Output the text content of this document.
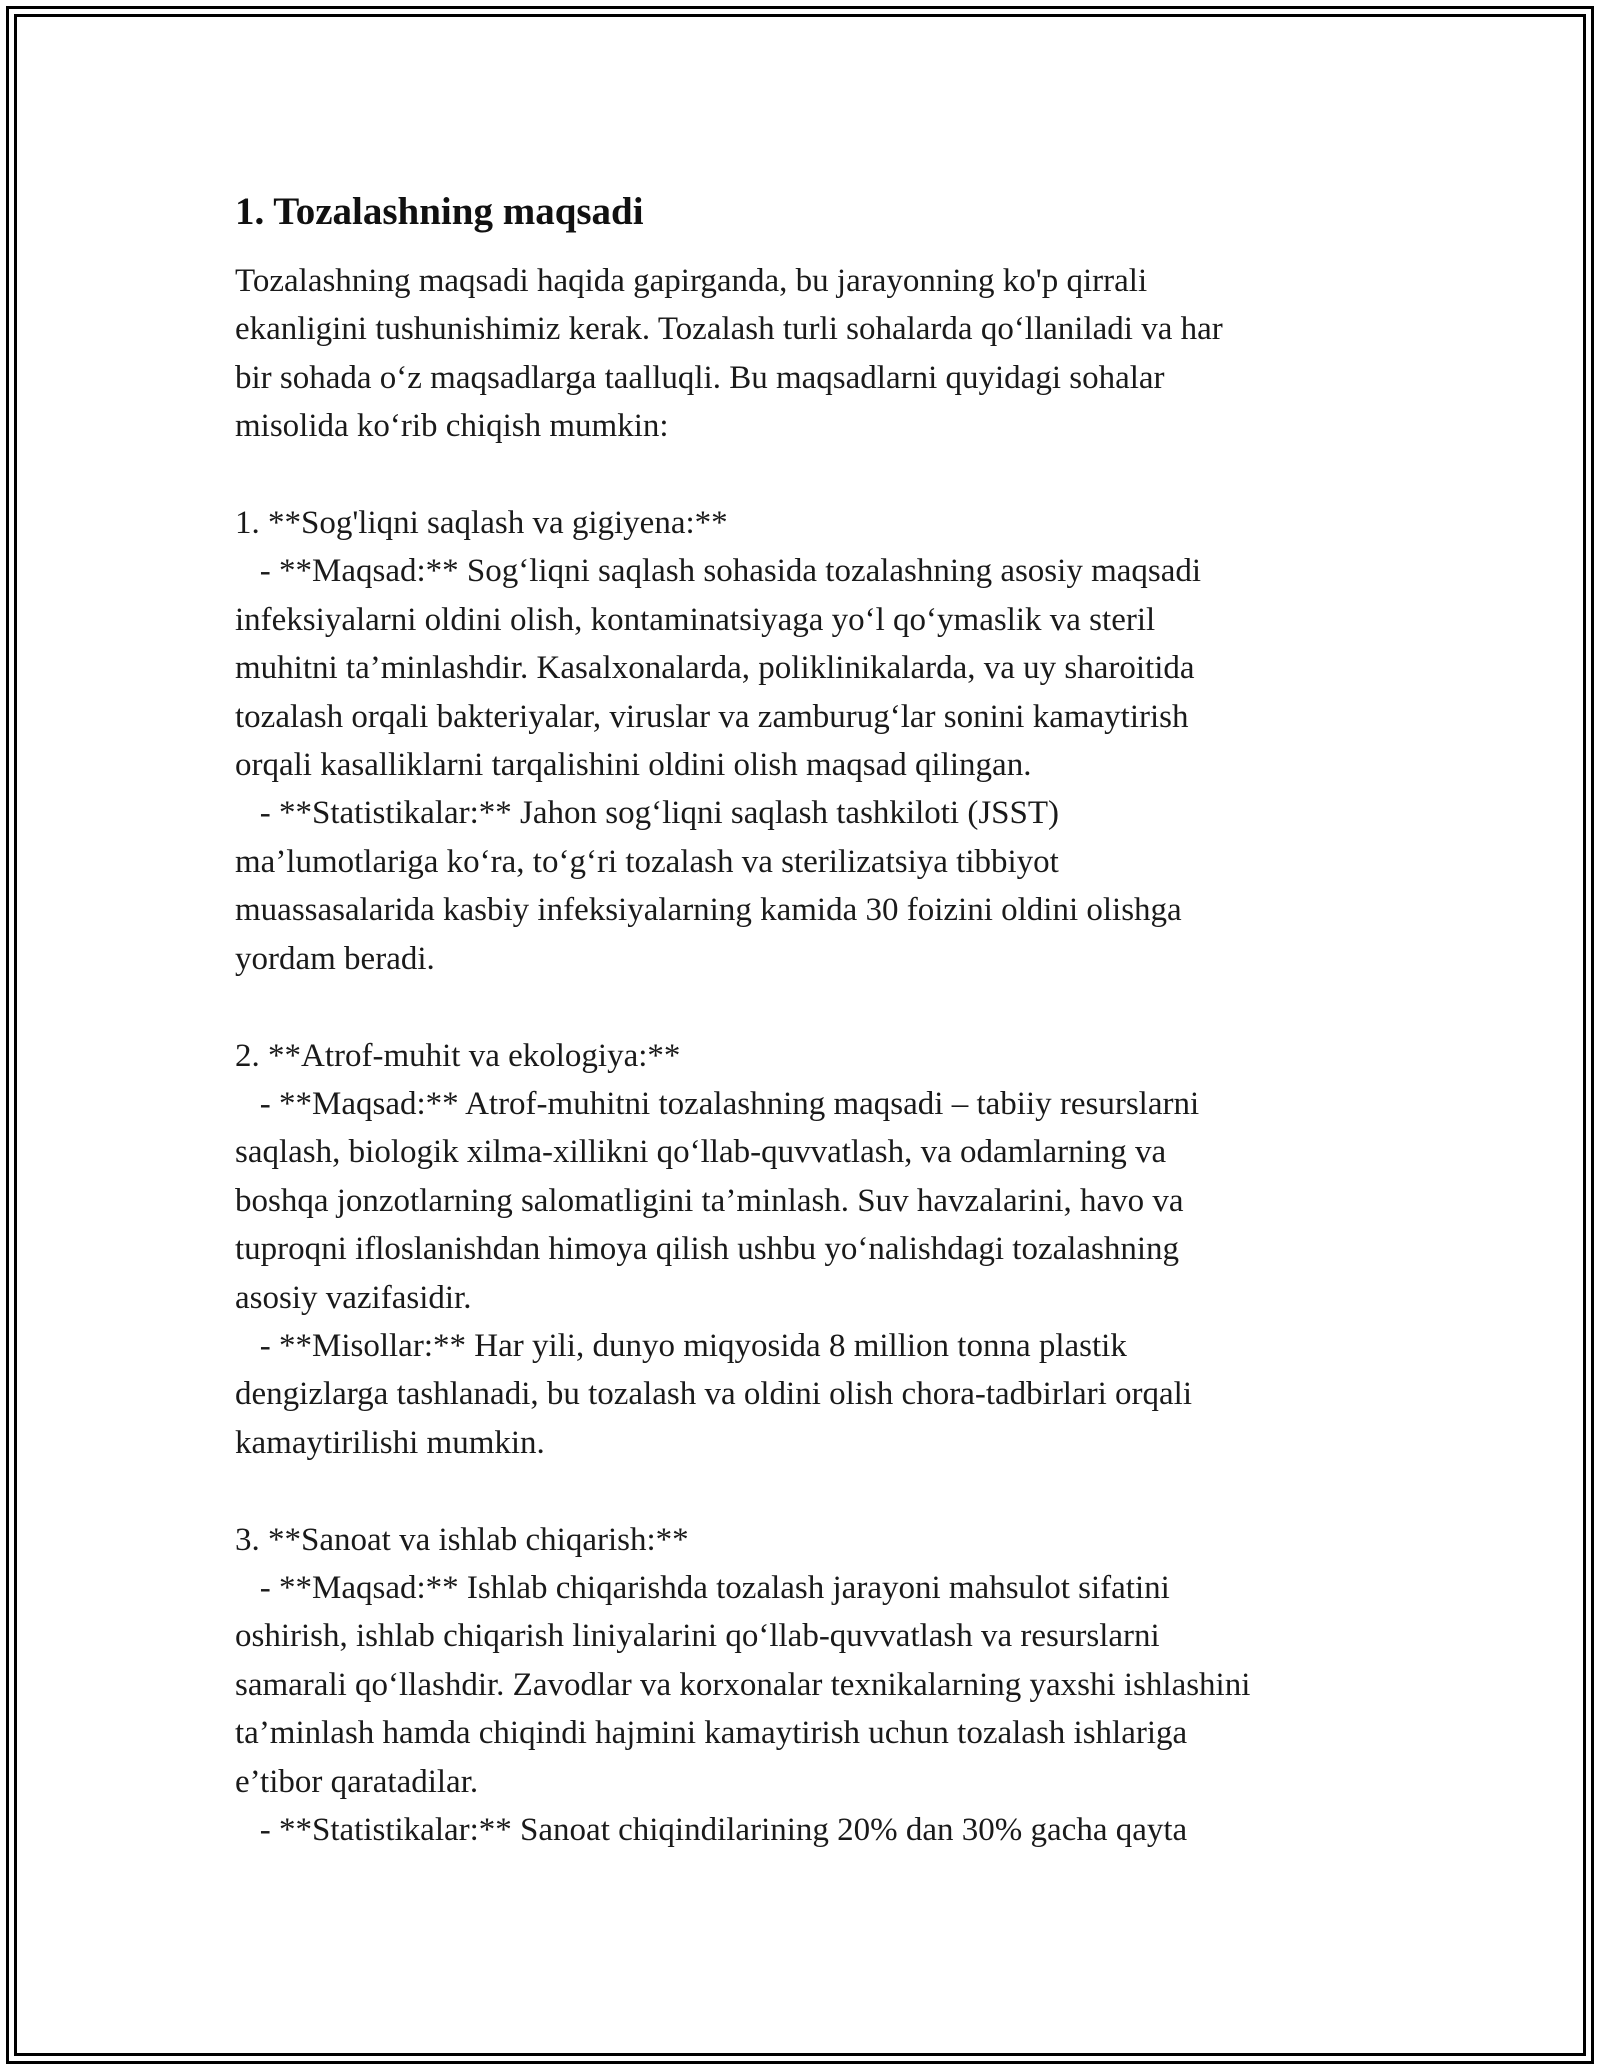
1. Tozalashning maqsadi

Tozalashning maqsadi haqida gapirganda, bu jarayonning ko'p qirrali
ekanligini tushunishimiz kerak. Tozalash turli sohalarda qo‘llaniladi va har
bir sohada o‘z maqsadlarga taalluqli. Bu maqsadlarni quyidagi sohalar
misolida ko‘rib chiqish mumkin:

1. **Sog'liqni saqlash va gigiyena:**
- **Maqsad:** Sog‘liqni saqlash sohasida tozalashning asosiy maqsadi
infeksiyalarni oldini olish, kontaminatsiyaga yo‘l qo‘ymaslik va steril
muhitni ta’minlashdir. Kasalxonalarda, poliklinikalarda, va uy sharoitida
tozalash orqali bakteriyalar, viruslar va zamburug‘lar sonini kamaytirish
orqali kasalliklarni tarqalishini oldini olish maqsad qilingan.
- **Statistikalar:** Jahon sog‘liqni saqlash tashkiloti (JSST)
ma’lumotlariga ko‘ra, to‘g‘ri tozalash va sterilizatsiya tibbiyot
muassasalarida kasbiy infeksiyalarning kamida 30 foizini oldini olishga
yordam beradi.

2. **Atrof-muhit va ekologiya:**
- **Maqsad:** Atrof-muhitni tozalashning maqsadi – tabiiy resurslarni
saqlash, biologik xilma-xillikni qo‘llab-quvvatlash, va odamlarning va
boshqa jonzotlarning salomatligini ta’minlash. Suv havzalarini, havo va
tuproqni ifloslanishdan himoya qilish ushbu yo‘nalishdagi tozalashning
asosiy vazifasidir.
- **Misollar:** Har yili, dunyo miqyosida 8 million tonna plastik
dengizlarga tashlanadi, bu tozalash va oldini olish chora-tadbirlari orqali
kamaytirilishi mumkin.

3. **Sanoat va ishlab chiqarish:**
- **Maqsad:** Ishlab chiqarishda tozalash jarayoni mahsulot sifatini
oshirish, ishlab chiqarish liniyalarini qo‘llab-quvvatlash va resurslarni
samarali qo‘llashdir. Zavodlar va korxonalar texnikalarning yaxshi ishlashini
ta’minlash hamda chiqindi hajmini kamaytirish uchun tozalash ishlariga
e’tibor qaratadilar.
- **Statistikalar:** Sanoat chiqindilarining 20% dan 30% gacha qayta
